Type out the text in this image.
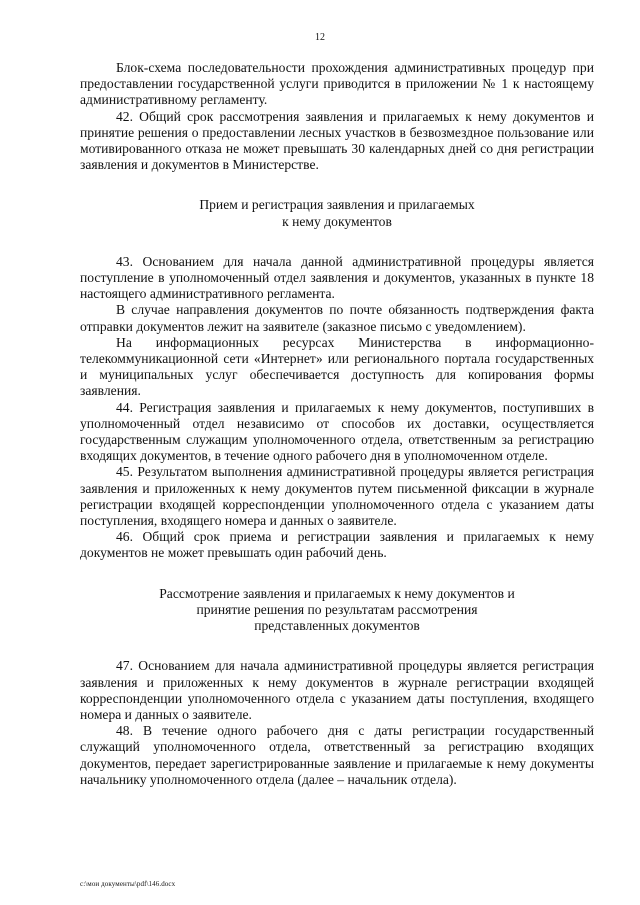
12

Блок-схема последовательности прохождения административных процедур при предоставлении государственной услуги приводится в приложении № 1 к настоящему административному регламенту.

42. Общий срок рассмотрения заявления и прилагаемых к нему документов и принятие решения о предоставлении лесных участков в безвозмездное пользование или мотивированного отказа не может превышать 30 календарных дней со дня регистрации заявления и документов в Министерстве.

Прием и регистрация заявления и прилагаемых
к нему документов

43. Основанием для начала данной административной процедуры является поступление в уполномоченный отдел заявления и документов, указанных в пункте 18 настоящего административного регламента.

В случае направления документов по почте обязанность подтверждения факта отправки документов лежит на заявителе (заказное письмо с уведомлением).

На информационных ресурсах Министерства в информационно-телекоммуникационной сети «Интернет» или регионального портала государственных и муниципальных услуг обеспечивается доступность для копирования формы заявления.

44. Регистрация заявления и прилагаемых к нему документов, поступивших в уполномоченный отдел независимо от способов их доставки, осуществляется государственным служащим уполномоченного отдела, ответственным за регистрацию входящих документов, в течение одного рабочего дня в уполномоченном отделе.

45. Результатом выполнения административной процедуры является регистрация заявления и приложенных к нему документов путем письменной фиксации в журнале регистрации входящей корреспонденции уполномоченного отдела с указанием даты поступления, входящего номера и данных о заявителе.

46. Общий срок приема и регистрации заявления и прилагаемых к нему документов не может превышать один рабочий день.

Рассмотрение заявления и прилагаемых к нему документов и
принятие решения по результатам рассмотрения
представленных документов

47. Основанием для начала административной процедуры является регистрация заявления и приложенных к нему документов в журнале регистрации входящей корреспонденции уполномоченного отдела с указанием даты поступления, входящего номера и данных о заявителе.

48. В течение одного рабочего дня с даты регистрации государственный служащий уполномоченного отдела, ответственный за регистрацию входящих документов, передает зарегистрированные заявление и прилагаемые к нему документы начальнику уполномоченного отдела (далее – начальник отдела).

c:\мои документы\pdf\146.docx
